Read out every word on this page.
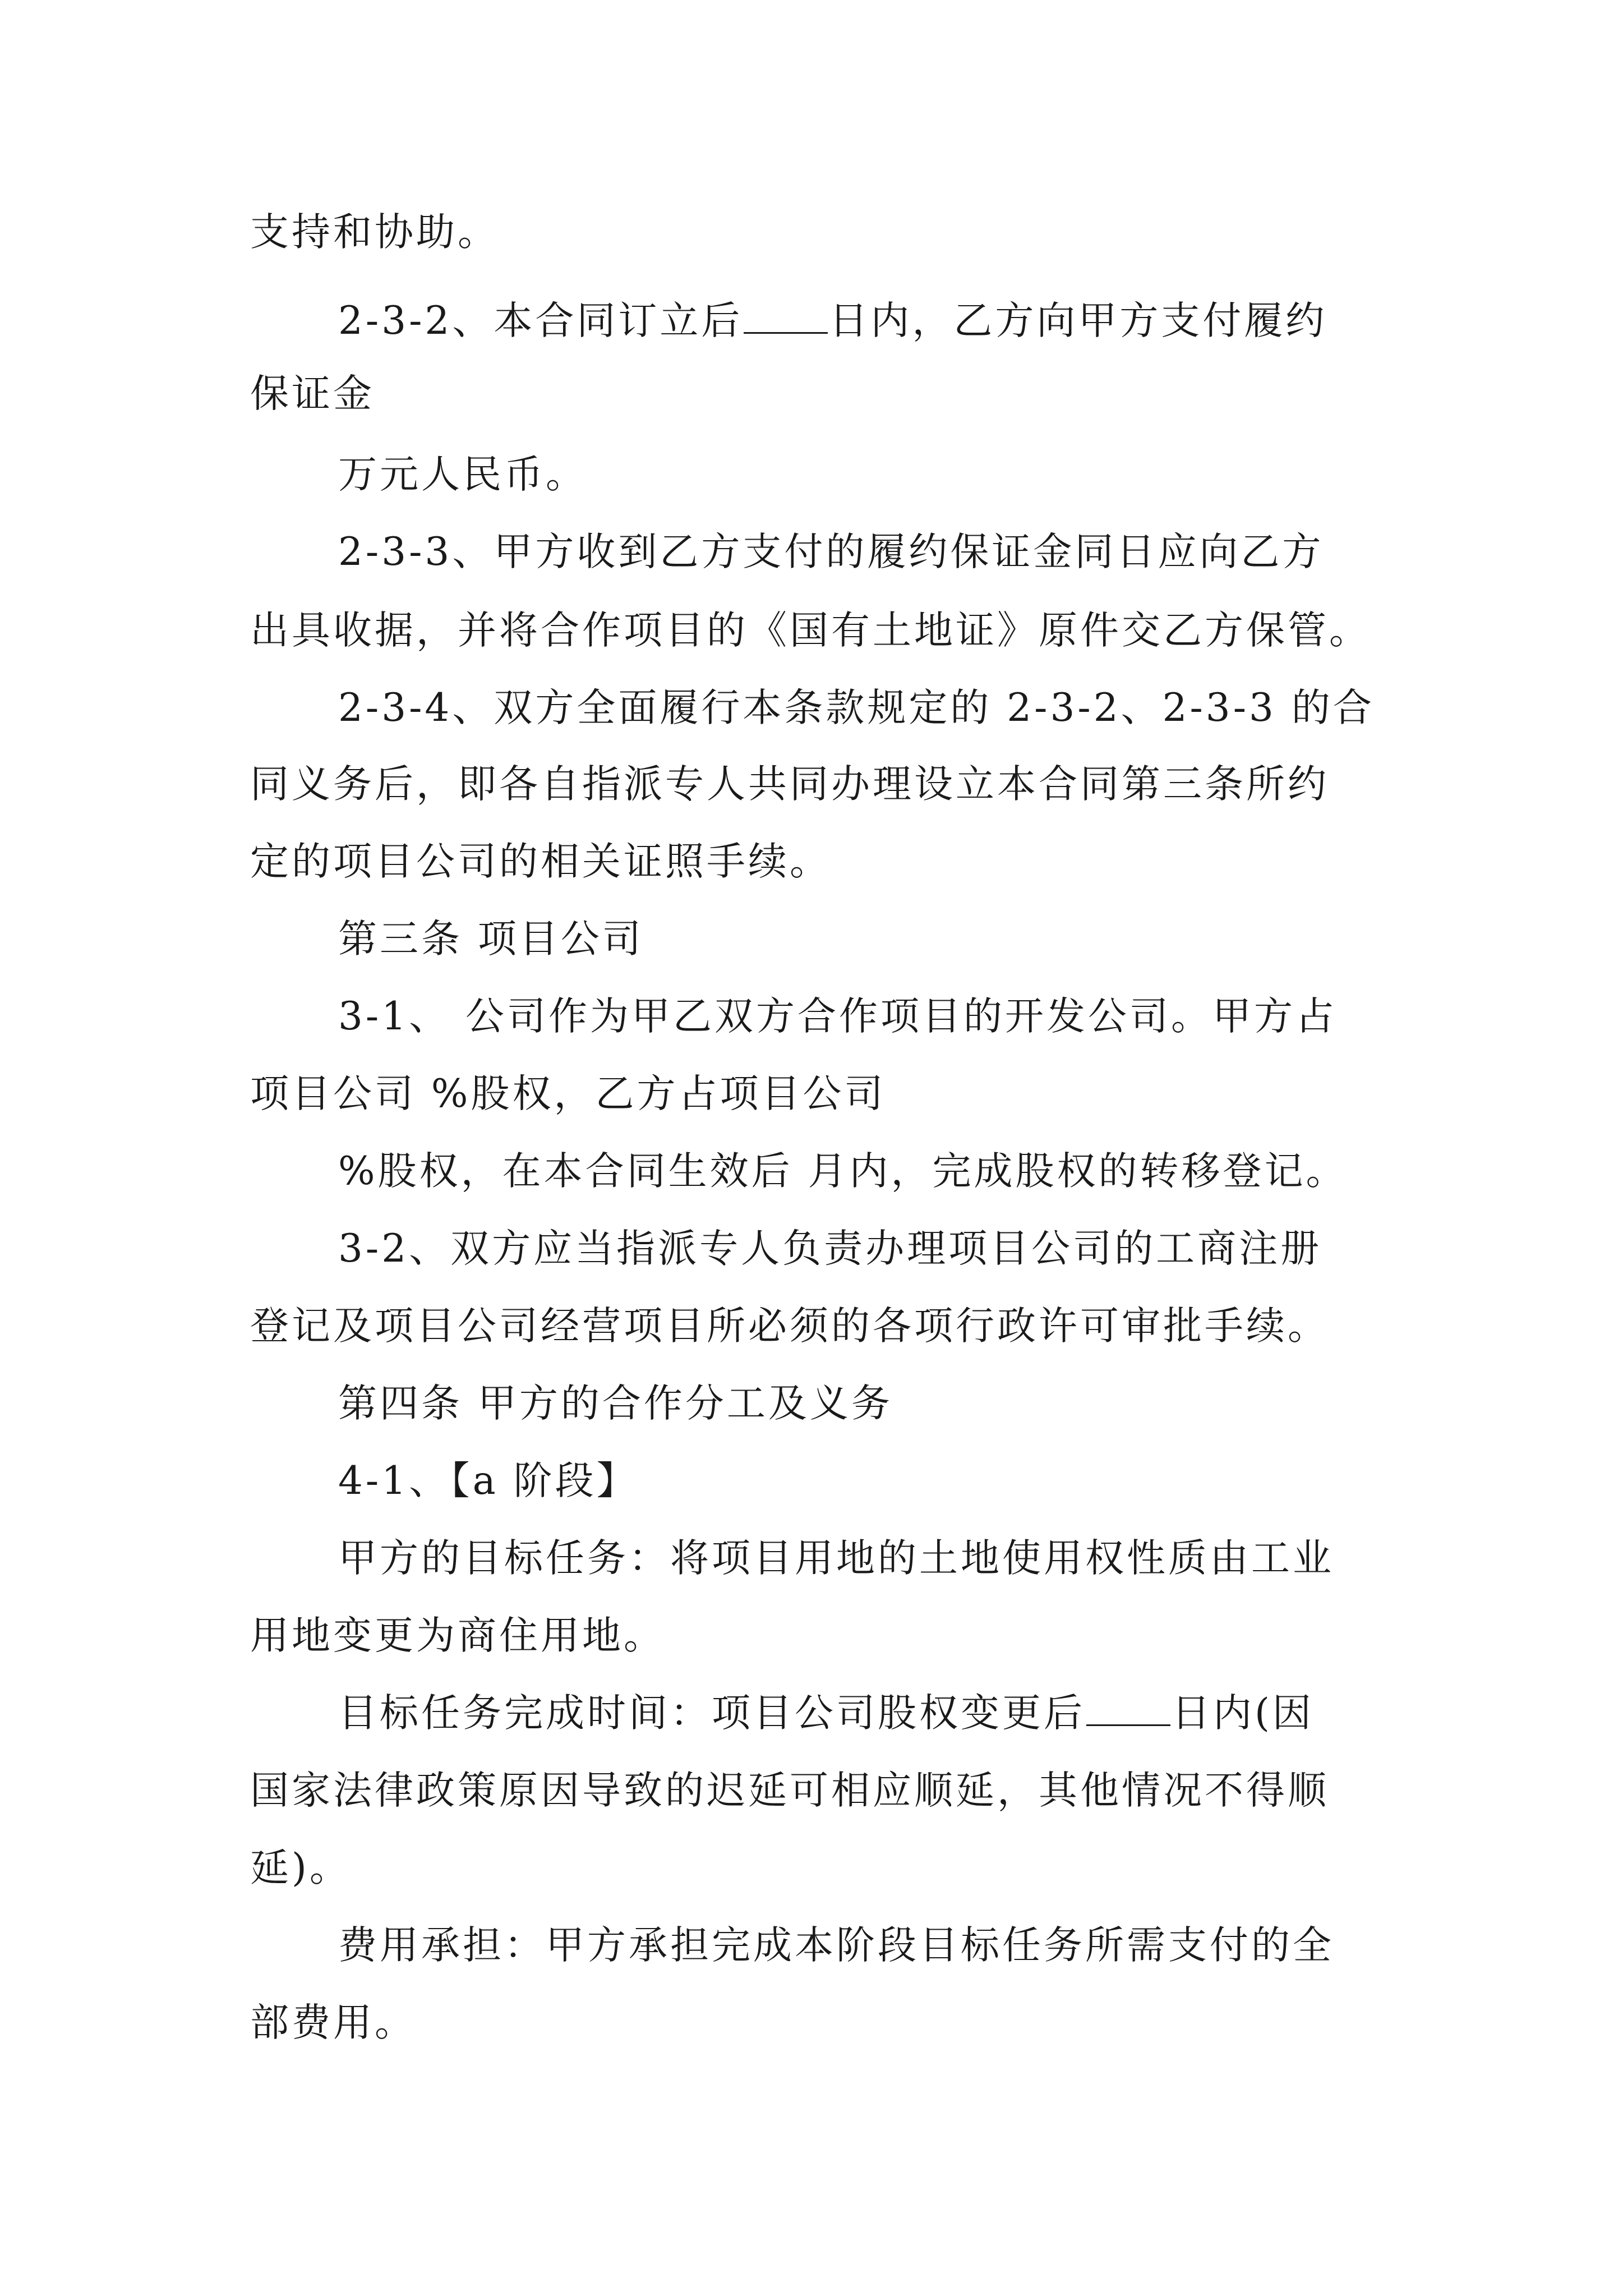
支持和协助。

2-3-2、本合同订立后 日内，乙方向甲方支付履约

保证金

万元人民币。

2-3-3、甲方收到乙方支付的履约保证金同日应向乙方

出具收据，并将合作项目的《国有土地证》原件交乙方保管。

2-3-4、双方全面履行本条款规定的 2-3-2、2-3-3 的合

同义务后，即各自指派专人共同办理设立本合同第三条所约

定的项目公司的相关证照手续。

第三条 项目公司

3-1、 公司作为甲乙双方合作项目的开发公司。甲方占

项目公司 %股权，乙方占项目公司

%股权，在本合同生效后 月内，完成股权的转移登记。

3-2、双方应当指派专人负责办理项目公司的工商注册

登记及项目公司经营项目所必须的各项行政许可审批手续。

第四条 甲方的合作分工及义务

4-1、【a 阶段】

甲方的目标任务：将项目用地的土地使用权性质由工业

用地变更为商住用地。

目标任务完成时间：项目公司股权变更后 日内(因

国家法律政策原因导致的迟延可相应顺延，其他情况不得顺

延)。

费用承担：甲方承担完成本阶段目标任务所需支付的全

部费用。
